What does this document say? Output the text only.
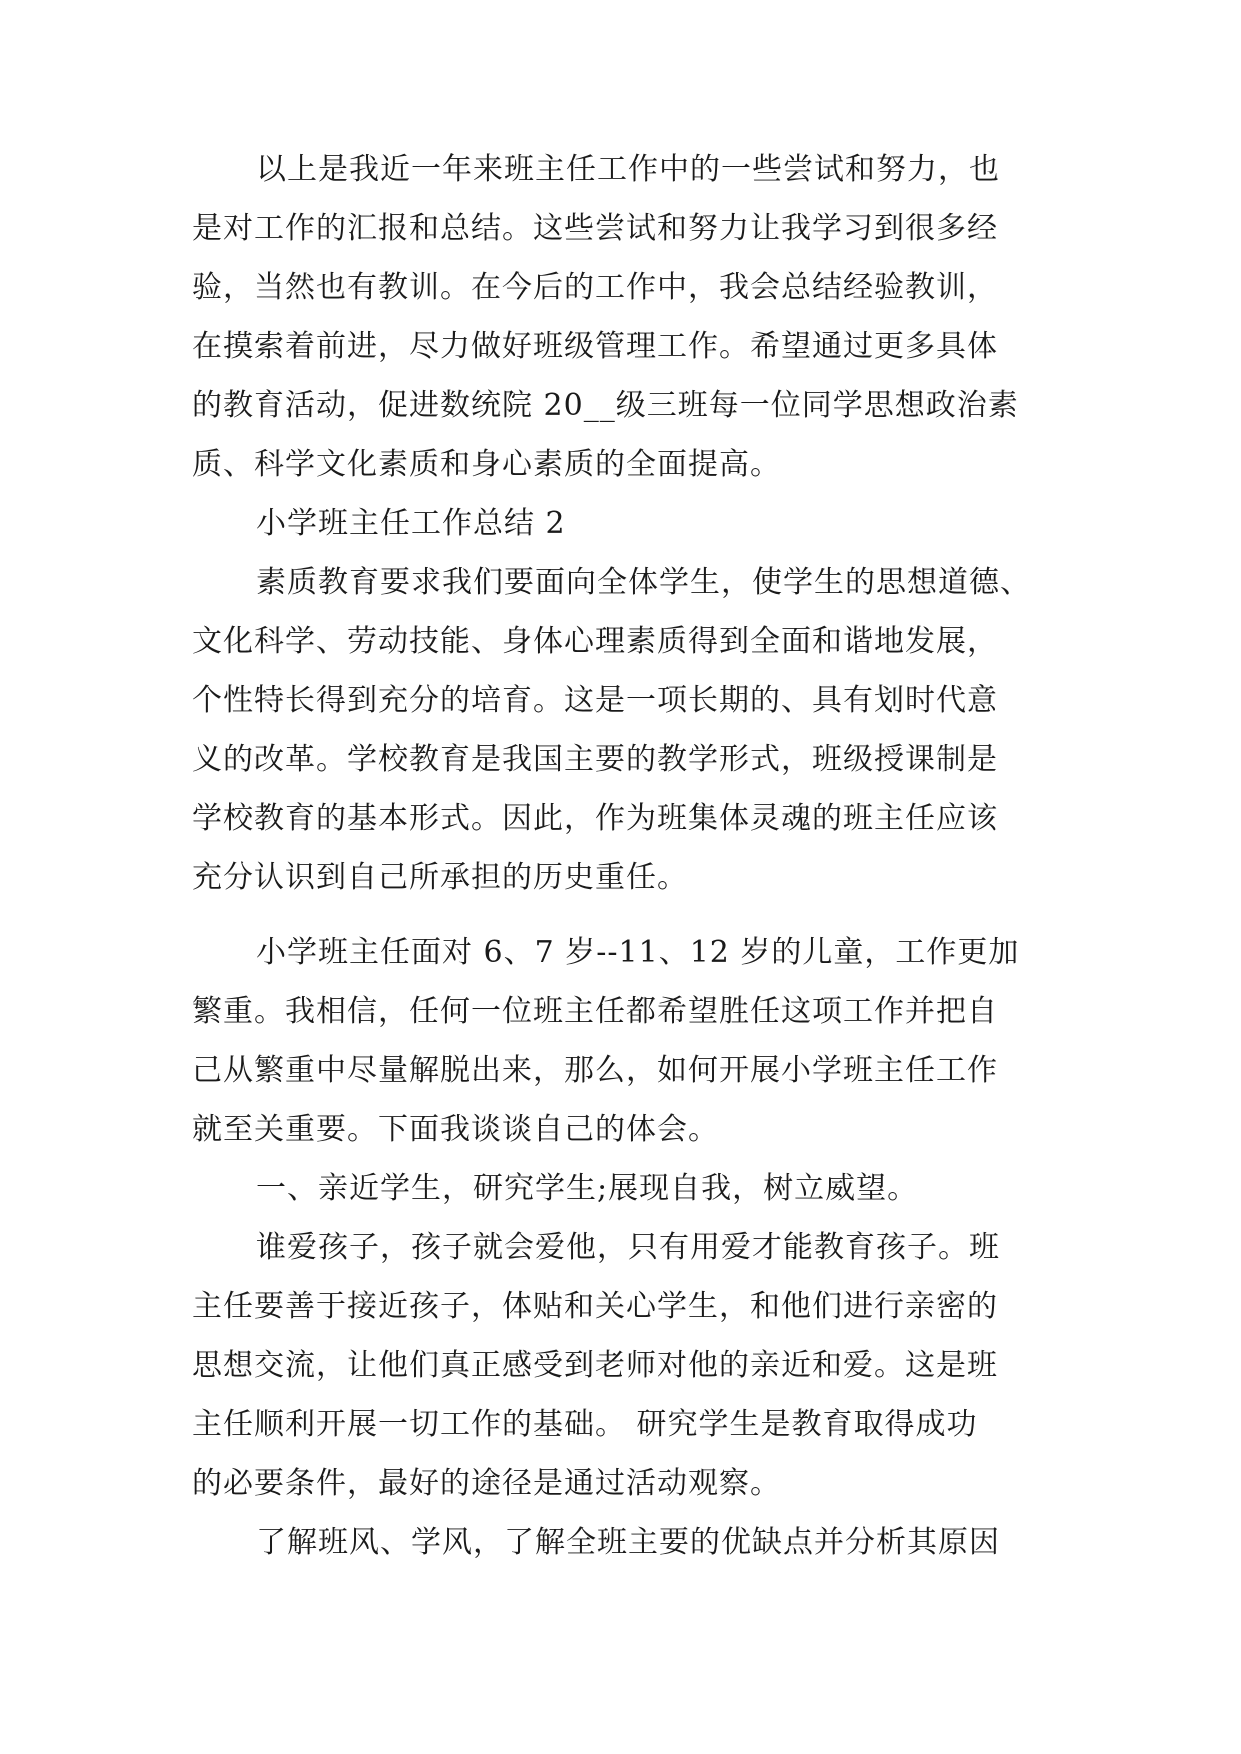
以上是我近一年来班主任工作中的一些尝试和努力，也
是对工作的汇报和总结。这些尝试和努力让我学习到很多经
验，当然也有教训。在今后的工作中，我会总结经验教训，
在摸索着前进，尽力做好班级管理工作。希望通过更多具体
的教育活动，促进数统院 20__级三班每一位同学思想政治素
质、科学文化素质和身心素质的全面提高。
小学班主任工作总结 2
素质教育要求我们要面向全体学生，使学生的思想道德、
文化科学、劳动技能、身体心理素质得到全面和谐地发展，
个性特长得到充分的培育。这是一项长期的、具有划时代意
义的改革。学校教育是我国主要的教学形式，班级授课制是
学校教育的基本形式。因此，作为班集体灵魂的班主任应该
充分认识到自己所承担的历史重任。
小学班主任面对 6、7 岁--11、12 岁的儿童，工作更加
繁重。我相信，任何一位班主任都希望胜任这项工作并把自
己从繁重中尽量解脱出来，那么，如何开展小学班主任工作
就至关重要。下面我谈谈自己的体会。
一、亲近学生，研究学生;展现自我，树立威望。
谁爱孩子，孩子就会爱他，只有用爱才能教育孩子。班
主任要善于接近孩子，体贴和关心学生，和他们进行亲密的
思想交流，让他们真正感受到老师对他的亲近和爱。这是班
主任顺利开展一切工作的基础。 研究学生是教育取得成功
的必要条件，最好的途径是通过活动观察。
了解班风、学风，了解全班主要的优缺点并分析其原因
